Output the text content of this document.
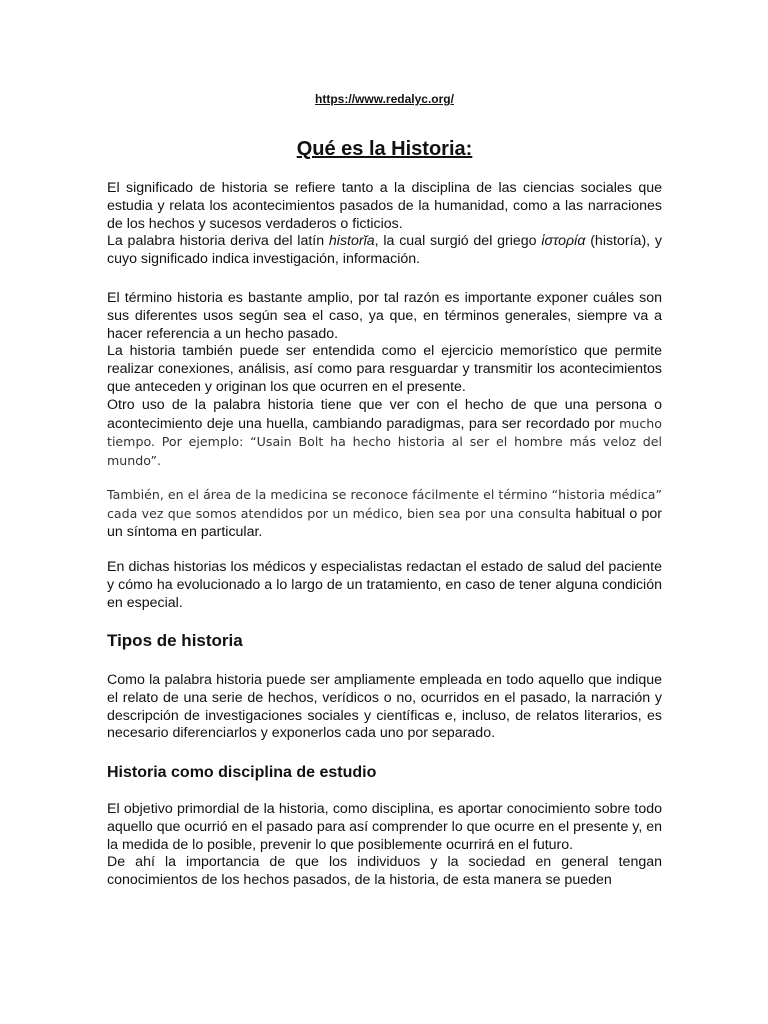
https://www.redalyc.org/
Qué es la Historia:

El significado de historia se refiere tanto a la disciplina de las ciencias sociales que estudia y relata los acontecimientos pasados de la humanidad, como a las narraciones de los hechos y sucesos verdaderos o ficticios.

La palabra historia deriva del latín historĭa, la cual surgió del griego ἱστορία (historía), y cuyo significado indica investigación, información.

El término historia es bastante amplio, por tal razón es importante exponer cuáles son sus diferentes usos según sea el caso, ya que, en términos generales, siempre va a hacer referencia a un hecho pasado.

La historia también puede ser entendida como el ejercicio memorístico que permite realizar conexiones, análisis, así como para resguardar y transmitir los acontecimientos que anteceden y originan los que ocurren en el presente.

Otro uso de la palabra historia tiene que ver con el hecho de que una persona o acontecimiento deje una huella, cambiando paradigmas, para ser recordado por mucho tiempo. Por ejemplo: “Usain Bolt ha hecho historia al ser el hombre más veloz del mundo”.

También, en el área de la medicina se reconoce fácilmente el término “historia médica” cada vez que somos atendidos por un médico, bien sea por una consulta habitual o por un síntoma en particular.

En dichas historias los médicos y especialistas redactan el estado de salud del paciente y cómo ha evolucionado a lo largo de un tratamiento, en caso de tener alguna condición en especial.

Tipos de historia

Como la palabra historia puede ser ampliamente empleada en todo aquello que indique el relato de una serie de hechos, verídicos o no, ocurridos en el pasado, la narración y descripción de investigaciones sociales y científicas e, incluso, de relatos literarios, es necesario diferenciarlos y exponerlos cada uno por separado.

Historia como disciplina de estudio

El objetivo primordial de la historia, como disciplina, es aportar conocimiento sobre todo aquello que ocurrió en el pasado para así comprender lo que ocurre en el presente y, en la medida de lo posible, prevenir lo que posiblemente ocurrirá en el futuro.

De ahí la importancia de que los individuos y la sociedad en general tengan conocimientos de los hechos pasados, de la historia, de esta manera se pueden
